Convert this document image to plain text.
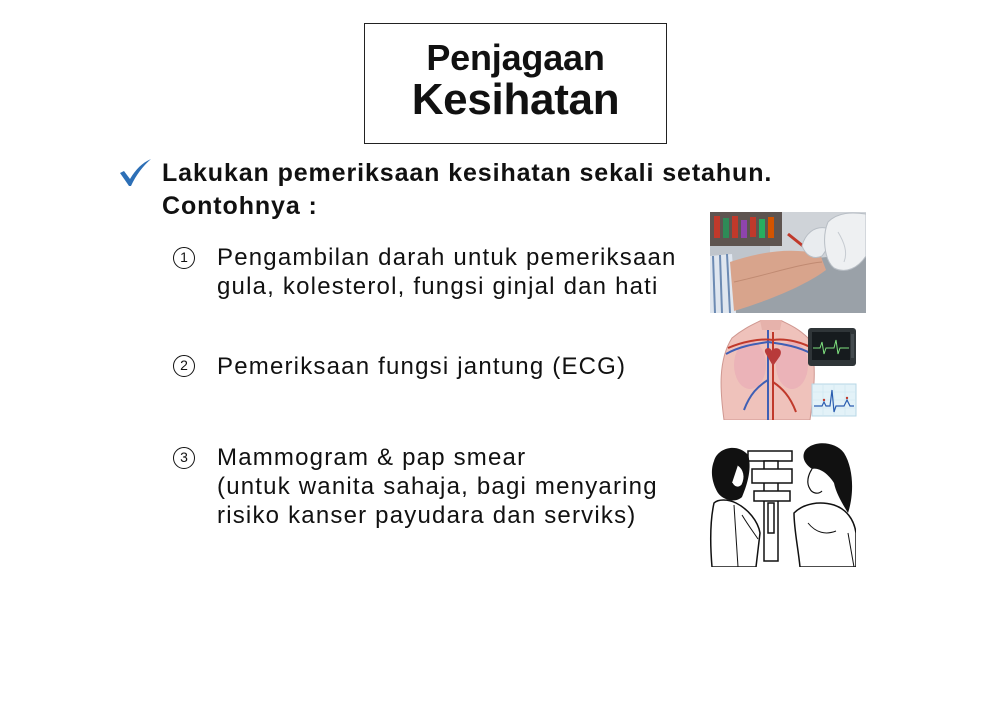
Penjagaan
Kesihatan
Lakukan pemeriksaan kesihatan sekali setahun.
Contohnya :
1 Pengambilan darah untuk pemeriksaan
gula, kolesterol, fungsi ginjal dan hati
2 Pemeriksaan fungsi jantung (ECG)
3 Mammogram & pap smear
(untuk wanita sahaja, bagi menyaring
risiko kanser payudara dan serviks)
